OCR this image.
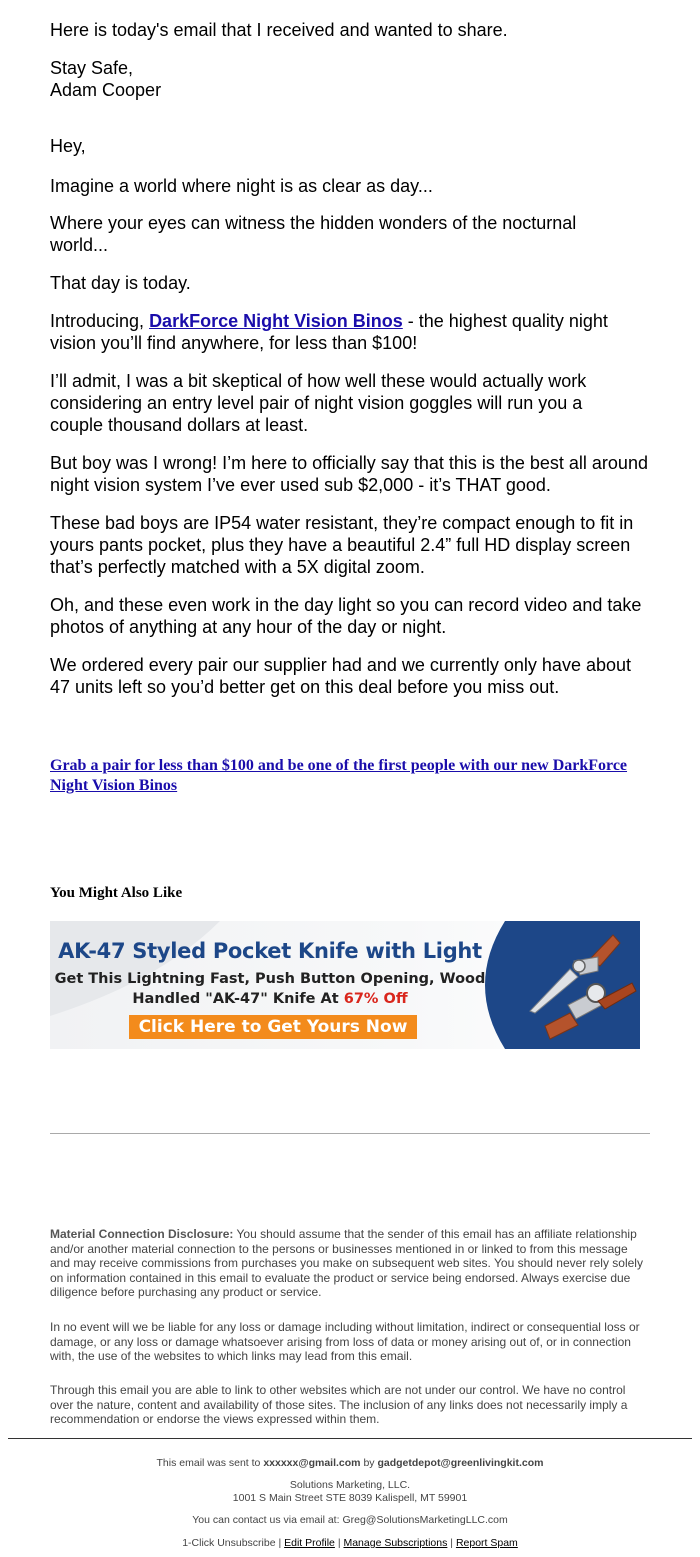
Here is today's email that I received and wanted to share.

Stay Safe,

Adam Cooper

Hey,

Imagine a world where night is as clear as day...

Where your eyes can witness the hidden wonders of the nocturnal world...

That day is today.

Introducing, DarkForce Night Vision Binos - the highest quality night vision you’ll find anywhere, for less than $100!

I’ll admit, I was a bit skeptical of how well these would actually work considering an entry level pair of night vision goggles will run you a couple thousand dollars at least.

But boy was I wrong! I’m here to officially say that this is the best all around night vision system I’ve ever used sub $2,000 - it’s THAT good.

These bad boys are IP54 water resistant, they’re compact enough to fit in yours pants pocket, plus they have a beautiful 2.4” full HD display screen that’s perfectly matched with a 5X digital zoom.

Oh, and these even work in the day light so you can record video and take photos of anything at any hour of the day or night.

We ordered every pair our supplier had and we currently only have about 47 units left so you’d better get on this deal before you miss out.

Grab a pair for less than $100 and be one of the first people with our new DarkForce Night Vision Binos
You Might Also Like
AK-47 Styled Pocket Knife with Light
Get This Lightning Fast, Push Button Opening, Wood
Handled "AK-47" Knife At 67% Off
Click Here to Get Yours Now

Material Connection Disclosure: You should assume that the sender of this email has an affiliate relationship and/or another material connection to the persons or businesses mentioned in or linked to from this message and may receive commissions from purchases you make on subsequent web sites. You should never rely solely on information contained in this email to evaluate the product or service being endorsed. Always exercise due diligence before purchasing any product or service.

In no event will we be liable for any loss or damage including without limitation, indirect or consequential loss or damage, or any loss or damage whatsoever arising from loss of data or money arising out of, or in connection with, the use of the websites to which links may lead from this email.

Through this email you are able to link to other websites which are not under our control. We have no control over the nature, content and availability of those sites. The inclusion of any links does not necessarily imply a recommendation or endorse the views expressed within them.

This email was sent to xxxxxx@gmail.com by gadgetdepot@greenlivingkit.com

Solutions Marketing, LLC.

1001 S Main Street STE 8039 Kalispell, MT 59901

You can contact us via email at: Greg@SolutionsMarketingLLC.com

1-Click Unsubscribe | Edit Profile | Manage Subscriptions | Report Spam
